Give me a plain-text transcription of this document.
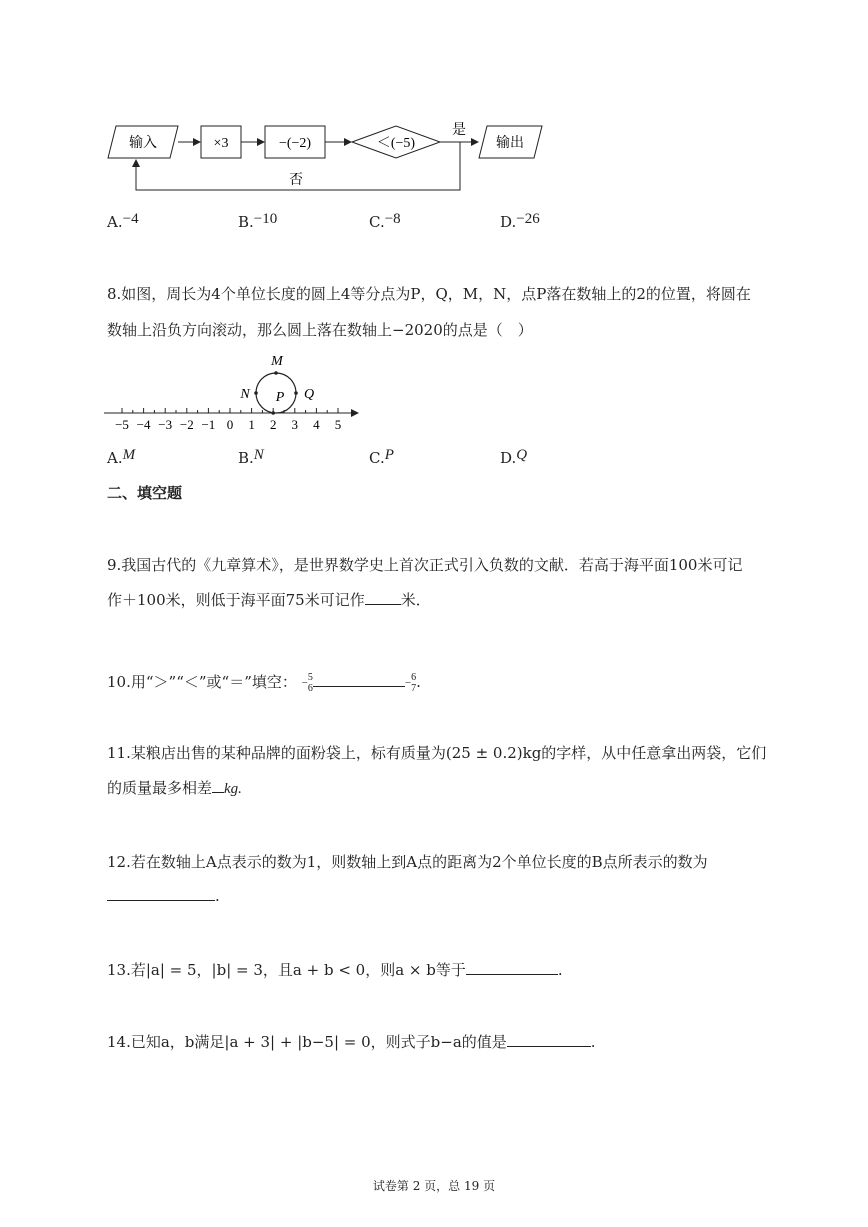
输入	×3	−(−2)	＜(−5)
是
输出
否
A.−4	B.−10	C.−8	D.−26
8.如图，周长为4个单位长度的圆上4等分点为P，Q，M，N，点P落在数轴上的2的位置，将圆在
数轴上沿负方向滚动，那么圆上落在数轴上−2020的点是（　）
M
N P Q
−5 −4 −3 −2 −1 0 1 2 3 4 5
A.M	B.N	C.P	D.Q
二、填空题
9.我国古代的《九章算术》，是世界数学史上首次正式引入负数的文献．若高于海平面100米可记
作＋100米，则低于海平面75米可记作 米．
10.用“＞”“＜”或“＝”填空： − 5
6	− 6
7 .
11.某粮店出售的某种品牌的面粉袋上，标有质量为(25 ± 0.2)kg的字样，从中任意拿出两袋，它们
的质量最多相差 kg.
12.若在数轴上A点表示的数为1，则数轴上到A点的距离为2个单位长度的B点所表示的数为
.
13.若|a| = 5，|b| = 3，且a + b < 0，则a × b等于	.
14.已知a，b满足|a + 3| + |b−5| = 0，则式子b−a的值是	.
试卷第 2 页，总 19 页
